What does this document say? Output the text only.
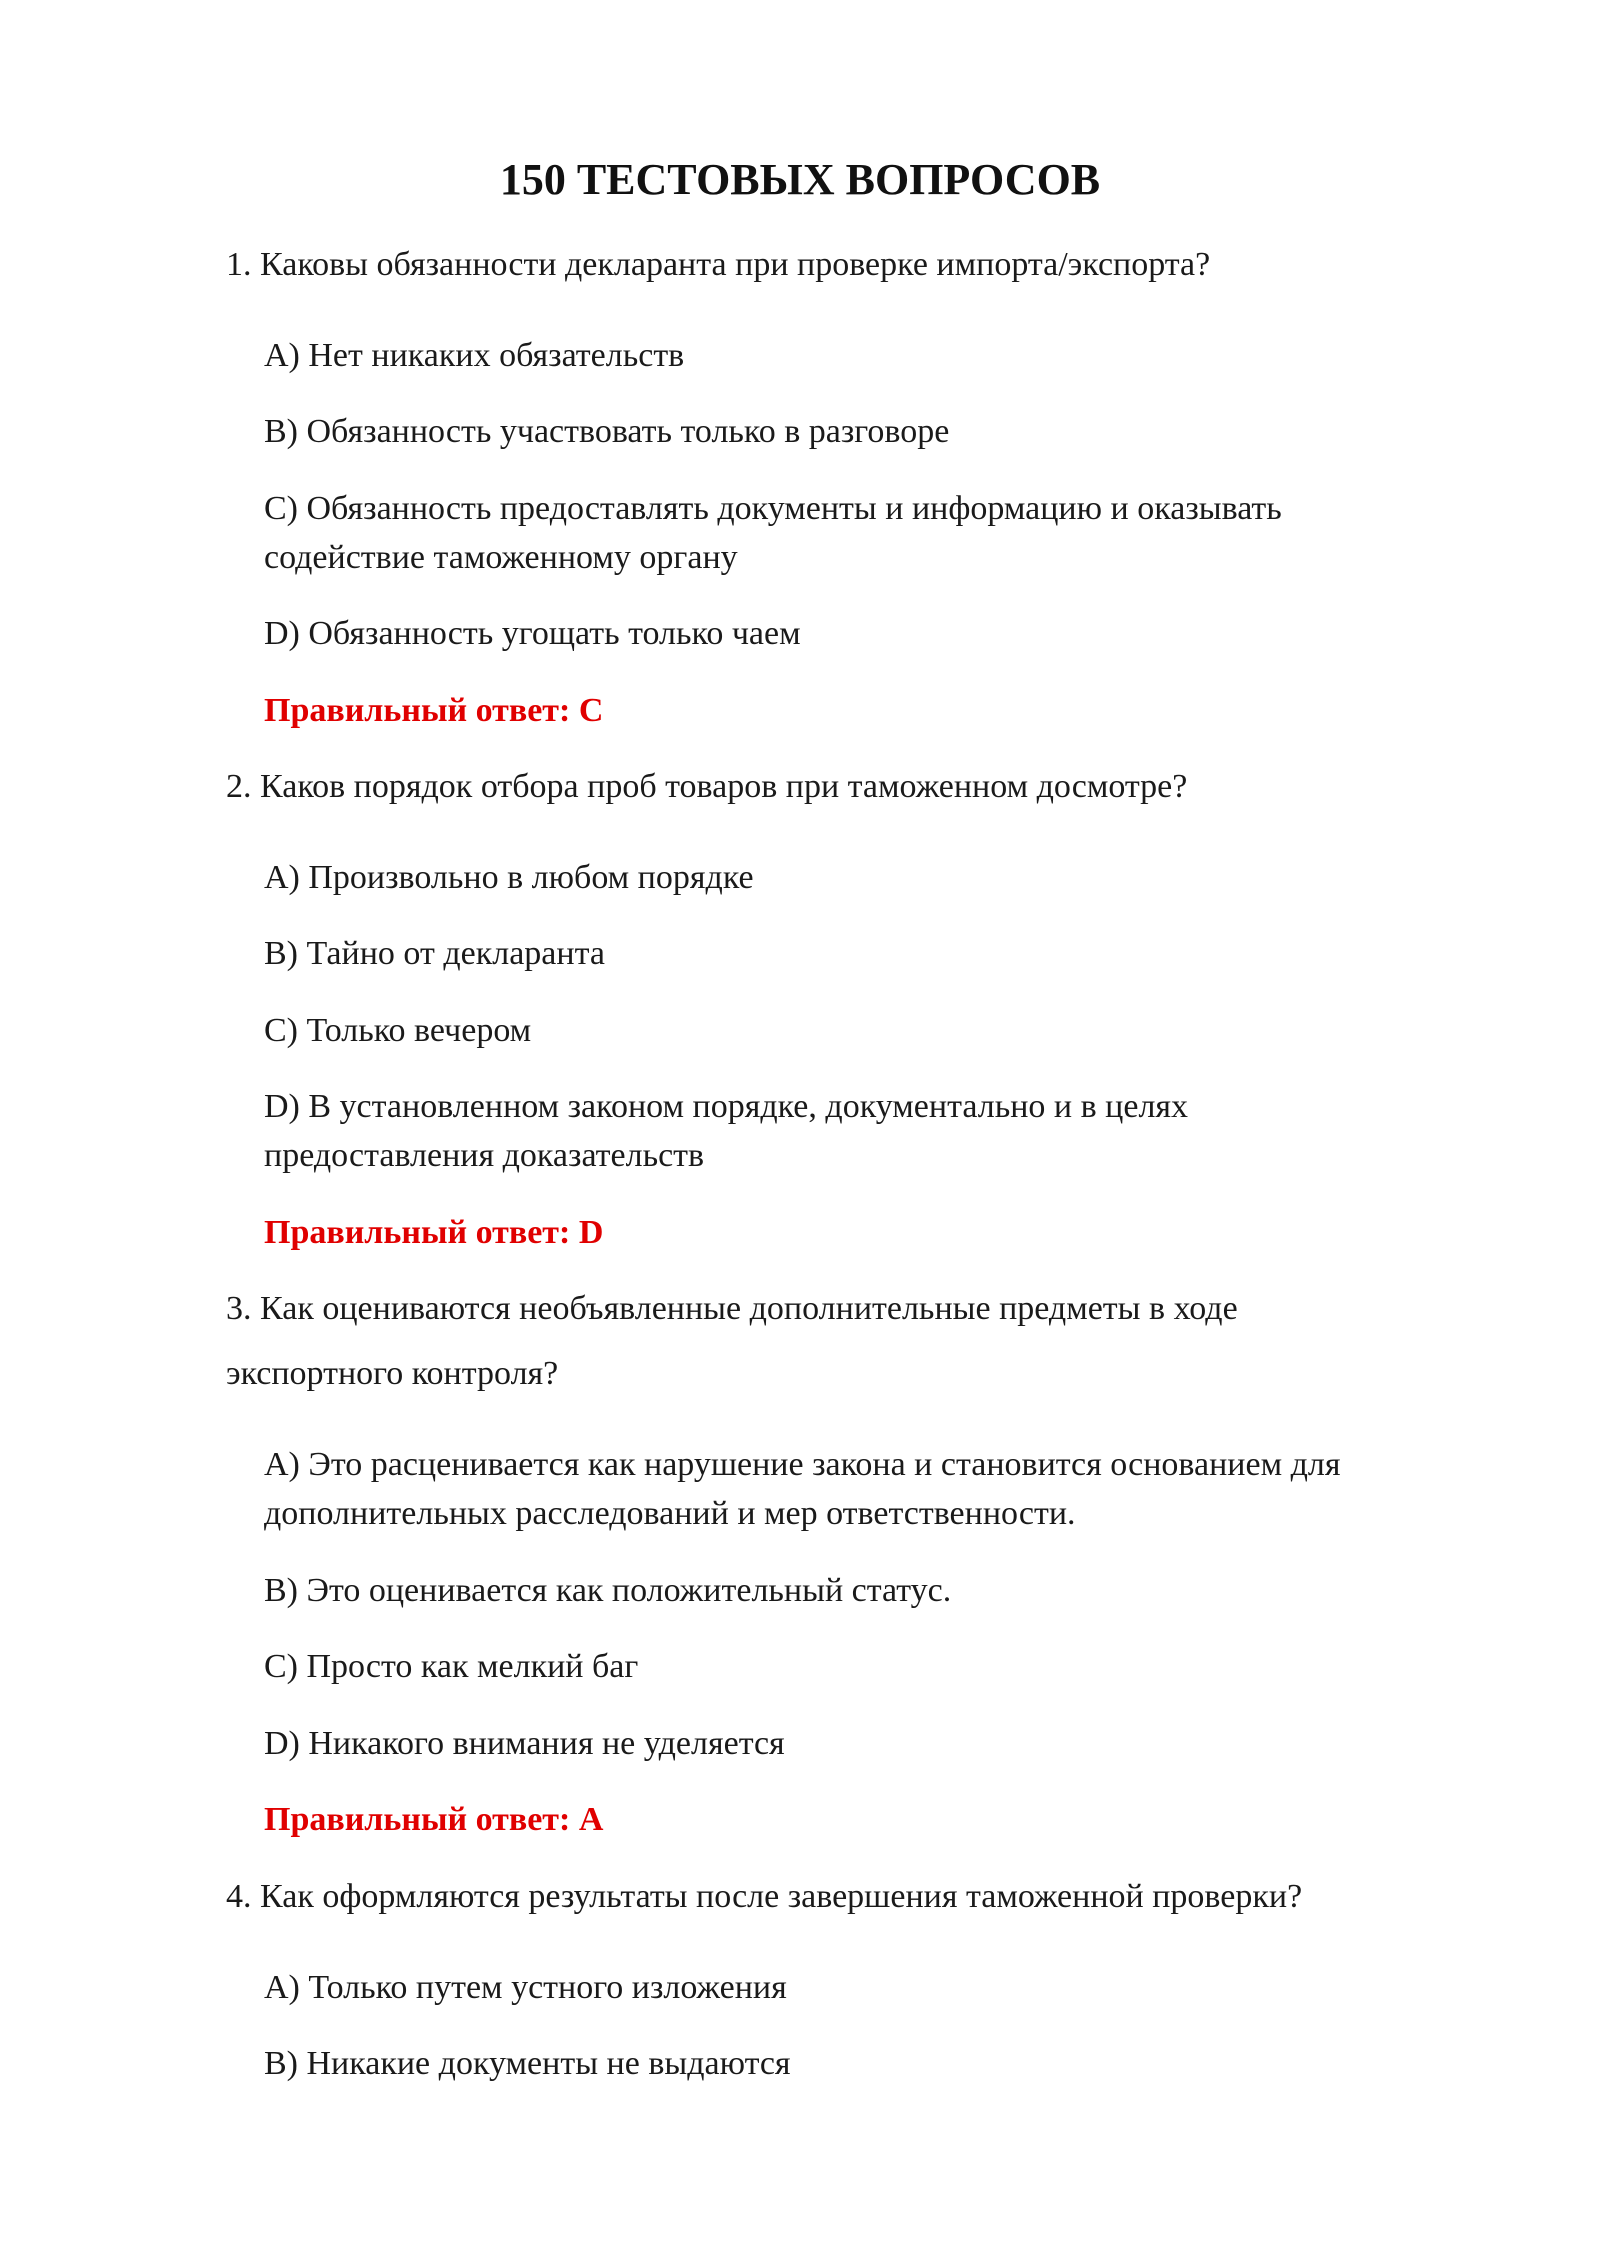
150 ТЕСТОВЫХ ВОПРОСОВ
1. Каковы обязанности декларанта при проверке импорта/экспорта?
A) Нет никаких обязательств
B) Обязанность участвовать только в разговоре
C) Обязанность предоставлять документы и информацию и оказывать
содействие таможенному органу
D) Обязанность угощать только чаем
Правильный ответ: C
2. Каков порядок отбора проб товаров при таможенном досмотре?
A) Произвольно в любом порядке
B) Тайно от декларанта
C) Только вечером
D) В установленном законом порядке, документально и в целях
предоставления доказательств
Правильный ответ: D
3. Как оцениваются необъявленные дополнительные предметы в ходе
экспортного контроля?
A) Это расценивается как нарушение закона и становится основанием для
дополнительных расследований и мер ответственности.
B) Это оценивается как положительный статус.
C) Просто как мелкий баг
D) Никакого внимания не уделяется
Правильный ответ: A
4. Как оформляются результаты после завершения таможенной проверки?
A) Только путем устного изложения
B) Никакие документы не выдаются
